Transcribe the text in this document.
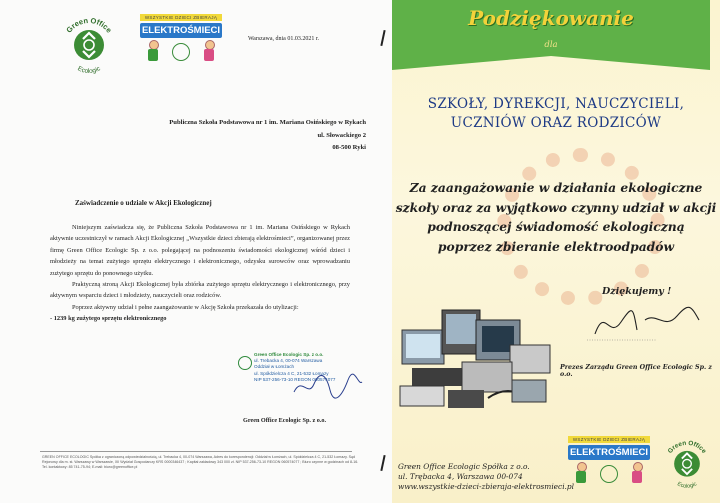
Green Office
Ecologic
WSZYSTKIE DZIECI ZBIERAJĄ
ELEKTROŚMIECI
Warszawa, dnia 01.03.2021 r.
Publiczna Szkoła Podstawowa nr 1 im. Mariana Osińskiego w Rykach
ul. Słowackiego 2
08-500 Ryki
Zaświadczenie o udziale w Akcji Ekologicznej

Niniejszym zaświadcza się, że Publiczna Szkoła Podstawowa nr 1 im. Mariana Osińskiego w Rykach aktywnie uczestniczył w ramach Akcji Ekologicznej „Wszystkie dzieci zbierają elektrośmieci”, organizowanej przez firmę Green Office Ecologic Sp. z o.o. polegającej na podnoszeniu świadomości ekologicznej wśród dzieci i młodzieży na temat zużytego sprzętu elektrycznego i elektronicznego, odzysku surowców oraz wprowadzaniu zużytego sprzętu do ponownego użytku.

Praktyczną stroną Akcji Ekologicznej była zbiórka zużytego sprzętu elektrycznego i elektronicznego, przy aktywnym wsparciu dzieci i młodzieży, nauczycieli oraz rodziców.

Poprzez aktywny udział i pełne zaangażowanie w Akcję Szkoła przekazała do utylizacji:

- 1239 kg zużytego sprzętu elektronicznego

Green Office Ecologic Sp. z o.o.
ul. Trebacka 4, 00-074 Warszawa
Oddział w Łomżach
ul. Spółdzielcza 4 C, 21-532 Łomazy
NIP 537-256-73-10 REGON 060574077
Green Office Ecologic Sp. z o.o.
GREEN OFFICE ECOLOGIC Spółka z ograniczoną odpowiedzialnością, ul. Trebacka 4, 00-074 Warszawa, Adres do korespondencji: Oddział w Łomżach, ul. Spółdzielcza 4 C, 21-532 Łomazy. Sąd Rejonowy dla m. st. Warszawy w Warszawie, XII Wydział Gospodarczy KRS 0000346437 ; Kapitał zakładowy 343 000 zł. NIP 537-256-73-10 REGON 060574077 ; Biuro czynne w godzinach od 8-16. Tel. kontaktowy: 85 741-75-94; E-mail: biuro@greenoffice.pl
Podziękowanie
dla
SZKOŁY, DYREKCJI, NAUCZYCIELI,
UCZNIÓW ORAZ RODZICÓW
Za zaangażowanie w działania ekologiczne
szkoły oraz za wyjątkowo czynny udział w akcji
podnoszącej świadomość ekologiczną
poprzez zbieranie elektroodpadów
Dziękujemy !
Prezes Zarządu Green Office Ecologic Sp. z o.o.
Green Office Ecologic Spółka z o.o.
ul. Trębacka 4, Warszawa 00-074
www.wszystkie-dzieci-zbieraja-elektrosmieci.pl
WSZYSTKIE DZIECI ZBIERAJĄ
ELEKTROŚMIECI Green Office
Ecologic
